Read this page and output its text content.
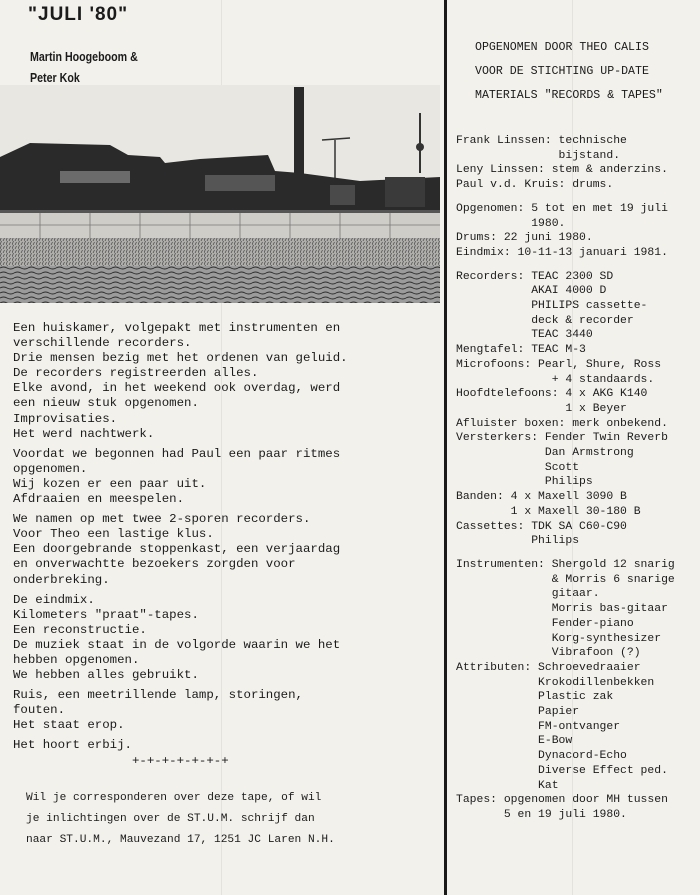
"JULI '80"
Martin Hoogeboom &
Peter Kok
Een huiskamer, volgepakt met instrumenten en
verschillende recorders.
Drie mensen bezig met het ordenen van geluid.
De recorders registreerden alles.
Elke avond, in het weekend ook overdag, werd
een nieuw stuk opgenomen.
Improvisaties.
Het werd nachtwerk.
Voordat we begonnen had Paul een paar ritmes
opgenomen.
Wij kozen er een paar uit.
Afdraaien en meespelen.
We namen op met twee 2-sporen recorders.
Voor Theo een lastige klus.
Een doorgebrande stoppenkast, een verjaardag
en onverwachtte bezoekers zorgden voor
onderbreking.
De eindmix.
Kilometers "praat"-tapes.
Een reconstructie.
De muziek staat in de volgorde waarin we het
hebben opgenomen.
We hebben alles gebruikt.
Ruis, een meetrillende lamp, storingen,
fouten.
Het staat erop.
Het hoort erbij.
+-+-+-+-+-+-+
Wil je corresponderen over deze tape, of wil
je inlichtingen over de ST.U.M. schrijf dan
naar ST.U.M., Mauvezand 17, 1251 JC Laren N.H.
OPGENOMEN DOOR THEO CALIS
VOOR DE STICHTING UP-DATE
MATERIALS "RECORDS & TAPES"
Frank Linssen: technische
bijstand.
Leny Linssen: stem & anderzins.
Paul v.d. Kruis: drums.
Opgenomen: 5 tot en met 19 juli
1980.
Drums: 22 juni 1980.
Eindmix: 10-11-13 januari 1981.
Recorders: TEAC 2300 SD
AKAI 4000 D
PHILIPS cassette-
deck & recorder
TEAC 3440
Mengtafel: TEAC M-3
Microfoons: Pearl, Shure, Ross
+ 4 standaards.
Hoofdtelefoons: 4 x AKG K140
1 x Beyer
Afluister boxen: merk onbekend.
Versterkers: Fender Twin Reverb
Dan Armstrong
Scott
Philips
Banden: 4 x Maxell 3090 B
1 x Maxell 30-180 B
Cassettes: TDK SA C60-C90
Philips
Instrumenten: Shergold 12 snarig
& Morris 6 snarige
gitaar.
Morris bas-gitaar
Fender-piano
Korg-synthesizer
Vibrafoon (?)
Attributen: Schroevedraaier
Krokodillenbekken
Plastic zak
Papier
FM-ontvanger
E-Bow
Dynacord-Echo
Diverse Effect ped.
Kat
Tapes: opgenomen door MH tussen
5 en 19 juli 1980.
